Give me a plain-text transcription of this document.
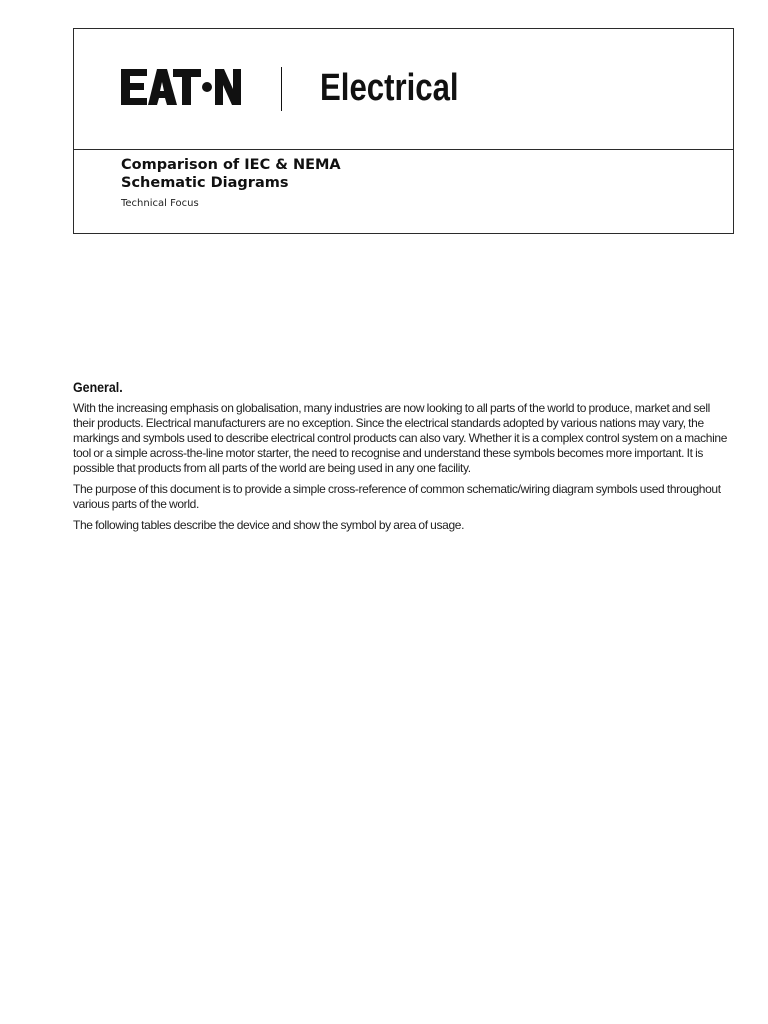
Electrical
Comparison of IEC & NEMA Schematic Diagrams
Technical Focus
General.

With the increasing emphasis on globalisation, many industries are now looking to all parts of the world to produce, market and sell their products. Electrical manufacturers are no exception. Since the electrical standards adopted by various nations may vary, the markings and symbols used to describe electrical control products can also vary. Whether it is a complex control system on a machine tool or a simple across-the-line motor starter, the need to recognise and understand these symbols becomes more important. It is possible that products from all parts of the world are being used in any one facility.

The purpose of this document is to provide a simple cross-reference of common schematic/wiring diagram symbols used throughout various parts of the world.

The following tables describe the device and show the symbol by area of usage.
